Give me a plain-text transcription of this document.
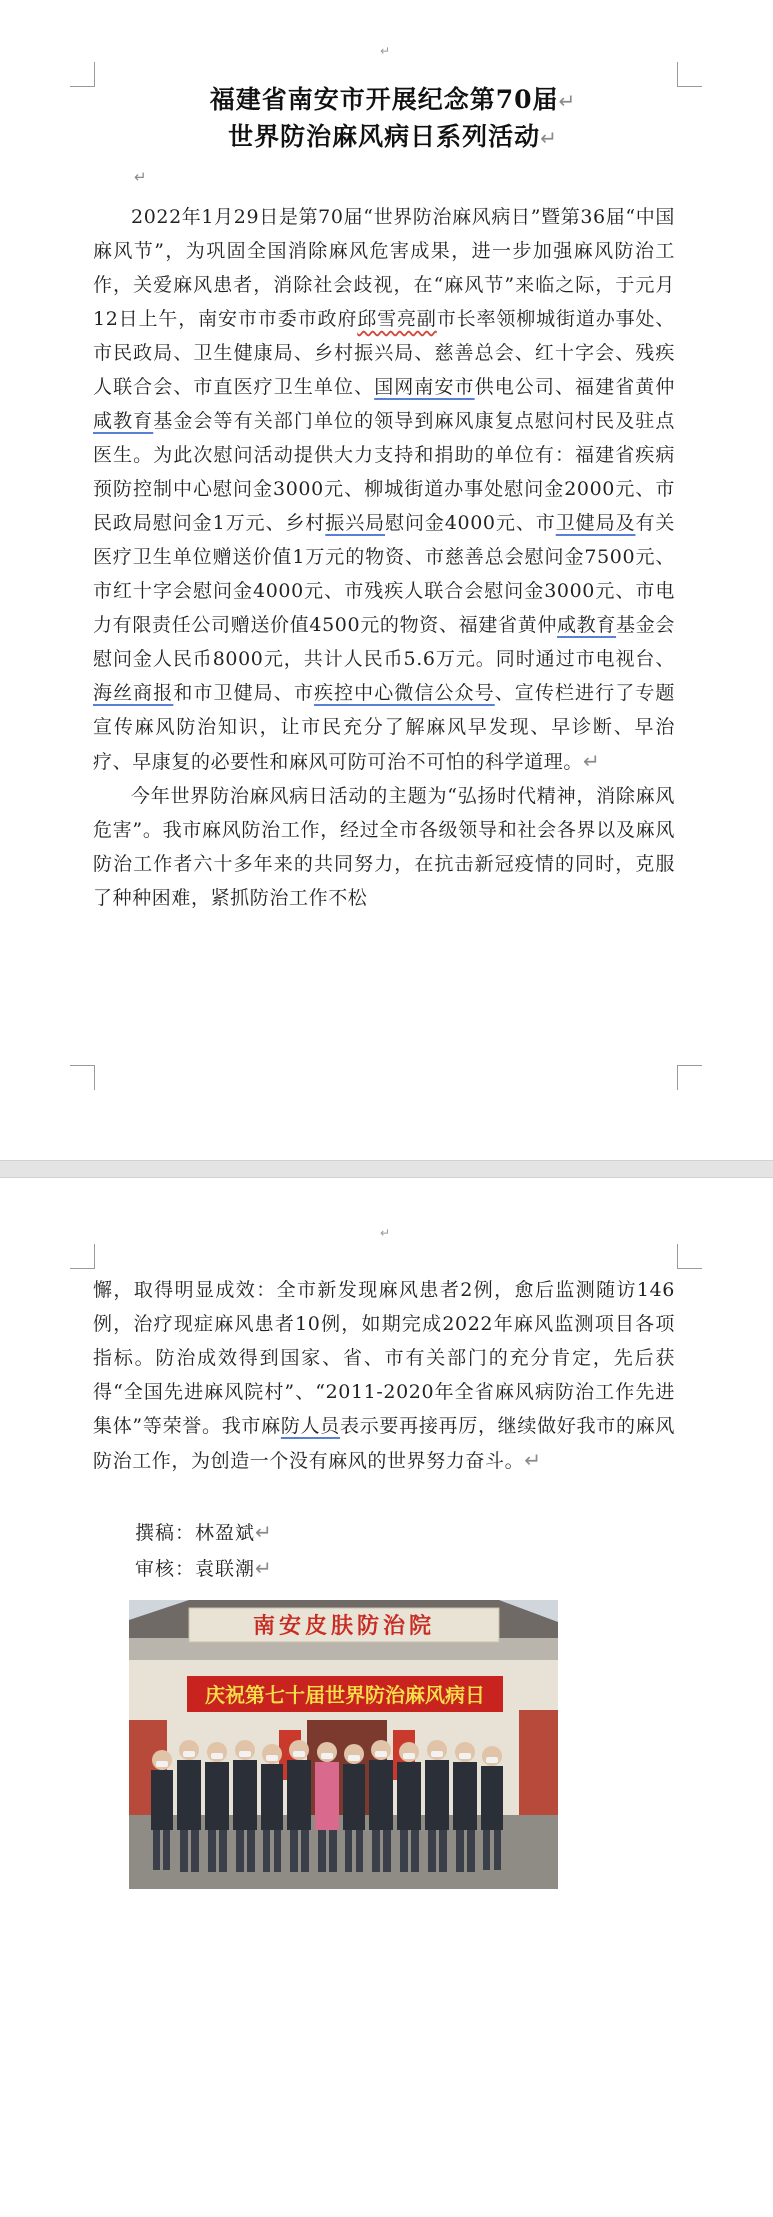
↵
福建省南安市开展纪念第70届↵
世界防治麻风病日系列活动↵
↵

2022年1月29日是第70届“世界防治麻风病日”暨第36届“中国麻风节”，为巩固全国消除麻风危害成果，进一步加强麻风防治工作，关爱麻风患者，消除社会歧视，在“麻风节”来临之际，于元月12日上午，南安市市委市政府邱雪亮副市长率领柳城街道办事处、市民政局、卫生健康局、乡村振兴局、慈善总会、红十字会、残疾人联合会、市直医疗卫生单位、国网南安市供电公司、福建省黄仲咸教育基金会等有关部门单位的领导到麻风康复点慰问村民及驻点医生。为此次慰问活动提供大力支持和捐助的单位有：福建省疾病预防控制中心慰问金3000元、柳城街道办事处慰问金2000元、市民政局慰问金1万元、乡村振兴局慰问金4000元、市卫健局及有关医疗卫生单位赠送价值1万元的物资、市慈善总会慰问金7500元、市红十字会慰问金4000元、市残疾人联合会慰问金3000元、市电力有限责任公司赠送价值4500元的物资、福建省黄仲咸教育基金会慰问金人民币8000元，共计人民币5.6万元。同时通过市电视台、海丝商报和市卫健局、市疾控中心微信公众号、宣传栏进行了专题宣传麻风防治知识，让市民充分了解麻风早发现、早诊断、早治疗、早康复的必要性和麻风可防可治不可怕的科学道理。↵

今年世界防治麻风病日活动的主题为“弘扬时代精神，消除麻风危害”。我市麻风防治工作，经过全市各级领导和社会各界以及麻风防治工作者六十多年来的共同努力，在抗击新冠疫情的同时，克服了种种困难，紧抓防治工作不松

↵

懈，取得明显成效：全市新发现麻风患者2例，愈后监测随访146例，治疗现症麻风患者10例，如期完成2022年麻风监测项目各项指标。防治成效得到国家、省、市有关部门的充分肯定，先后获得“全国先进麻风院村”、“2011-2020年全省麻风病防治工作先进集体”等荣誉。我市麻防人员表示要再接再厉，继续做好我市的麻风防治工作，为创造一个没有麻风的世界努力奋斗。↵

撰稿：林盈斌↵
审核：袁联潮↵
南安皮肤防治院
庆祝第七十届世界防治麻风病日
